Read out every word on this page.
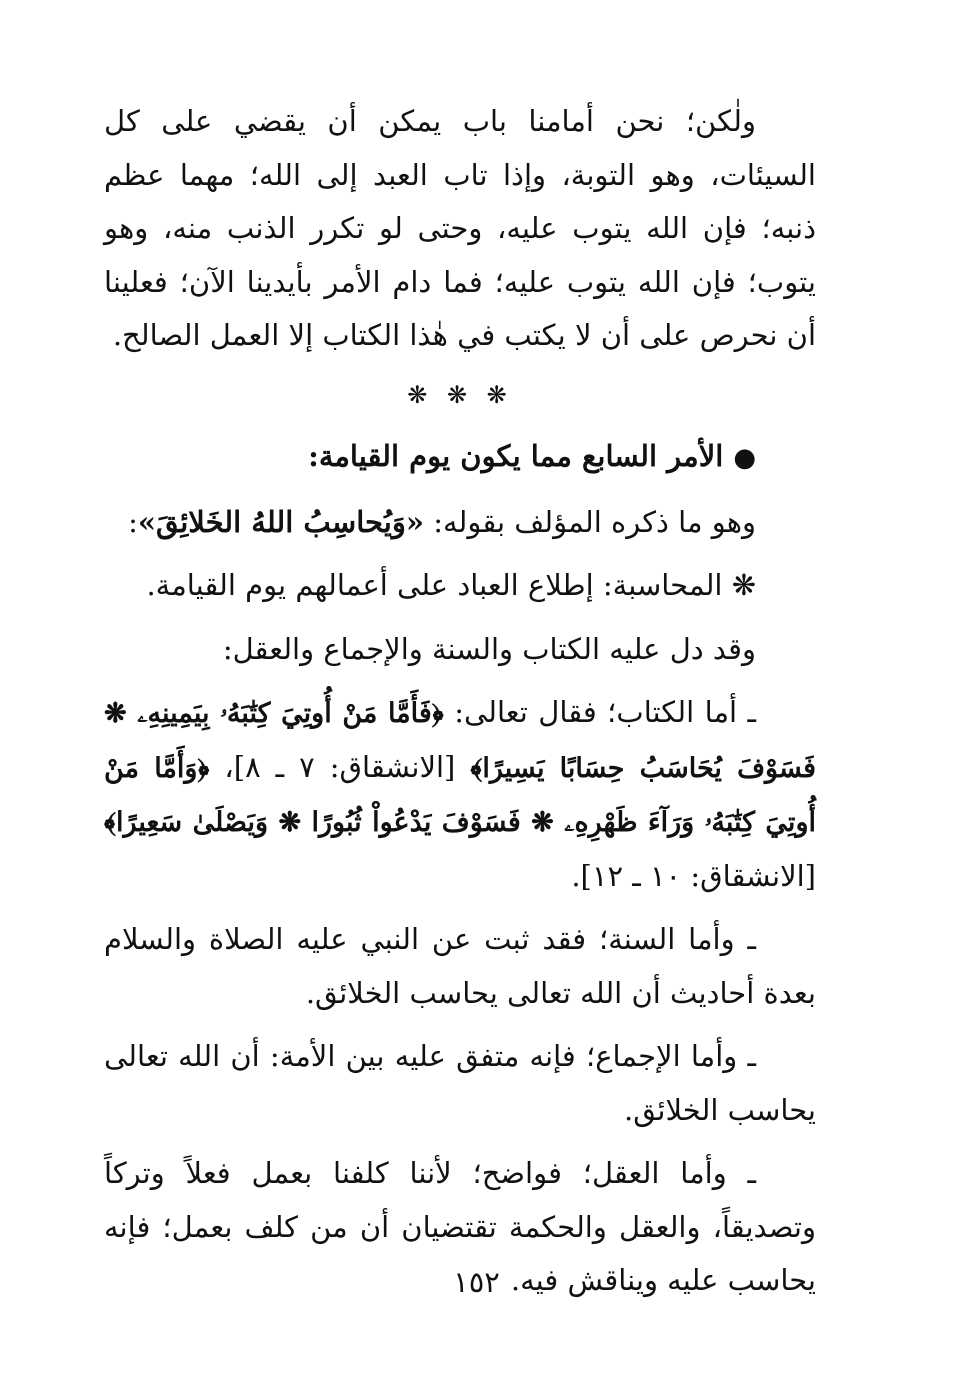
ولٰكن؛ نحن أمامنا باب يمكن أن يقضي على كل السيئات، وهو التوبة، وإذا تاب العبد إلى الله؛ مهما عظم ذنبه؛ فإن الله يتوب عليه، وحتى لو تكرر الذنب منه، وهو يتوب؛ فإن الله يتوب عليه؛ فما دام الأمر بأيدينا الآن؛ فعلينا أن نحرص على أن لا يكتب في هٰذا الكتاب إلا العمل الصالح.

❋ ❋ ❋

●الأمر السابع مما يكون يوم القيامة:

وهو ما ذكره المؤلف بقوله: «وَيُحاسِبُ اللهُ الخَلائِقَ»:

❋ المحاسبة: إطلاع العباد على أعمالهم يوم القيامة.

وقد دل عليه الكتاب والسنة والإجماع والعقل:

ـ أما الكتاب؛ فقال تعالى: ﴿فَأَمَّا مَنْ أُوتِيَ كِتَٰبَهُۥ بِيَمِينِهِۦ ❋ فَسَوْفَ يُحَاسَبُ حِسَابًا يَسِيرًا﴾ [الانشقاق: ٧ ـ ٨]، ﴿وَأَمَّا مَنْ أُوتِيَ كِتَٰبَهُۥ وَرَآءَ ظَهْرِهِۦ ❋ فَسَوْفَ يَدْعُواْ ثُبُورًا ❋ وَيَصْلَىٰ سَعِيرًا﴾ [الانشقاق: ١٠ ـ ١٢].

ـ وأما السنة؛ فقد ثبت عن النبي عليه الصلاة والسلام بعدة أحاديث أن الله تعالى يحاسب الخلائق.

ـ وأما الإجماع؛ فإنه متفق عليه بين الأمة: أن الله تعالى يحاسب الخلائق.

ـ وأما العقل؛ فواضح؛ لأننا كلفنا بعمل فعلاً وتركاً وتصديقاً، والعقل والحكمة تقتضيان أن من كلف بعمل؛ فإنه يحاسب عليه ويناقش فيه.

١٥٢
